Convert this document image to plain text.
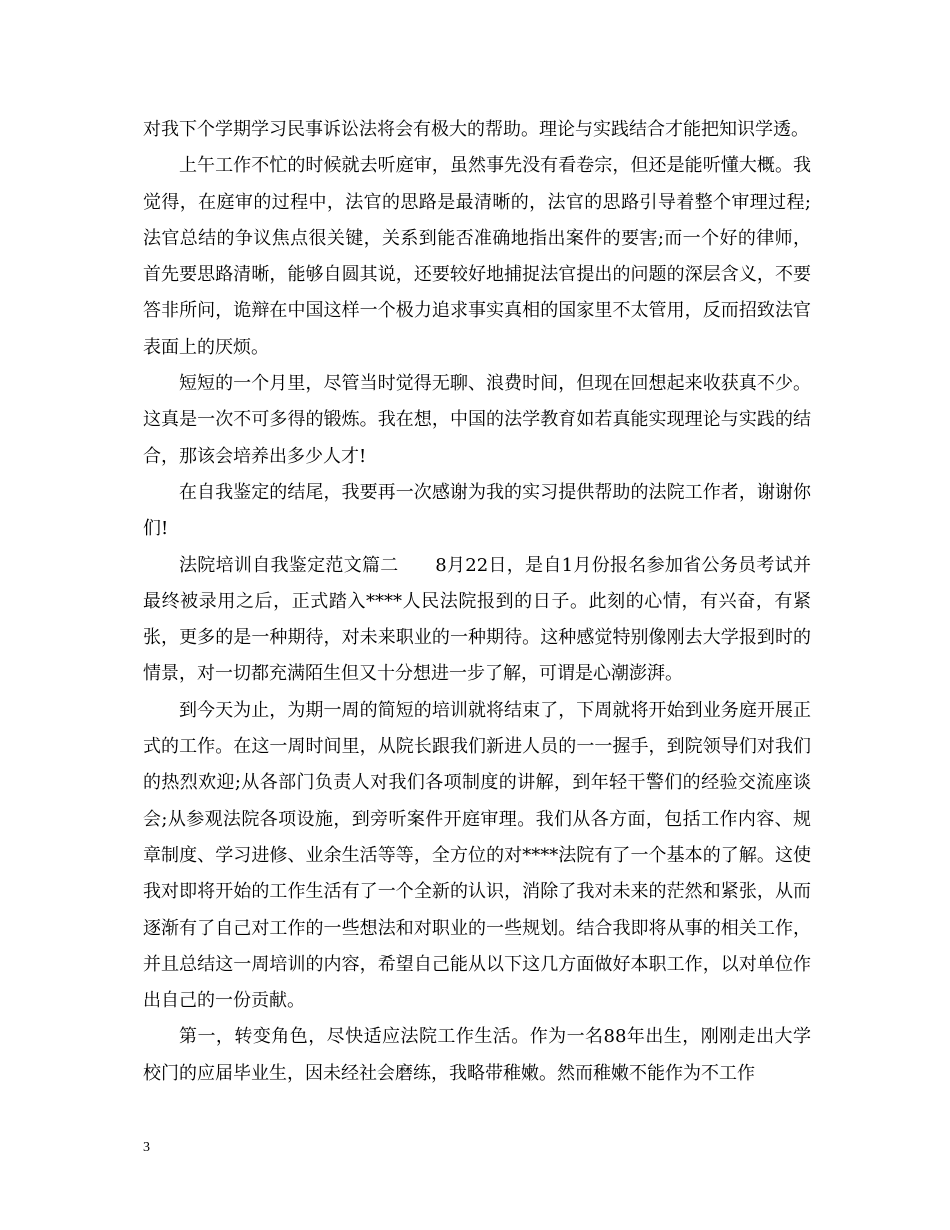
对我下个学期学习民事诉讼法将会有极大的帮助。理论与实践结合才能把知识学透。

上午工作不忙的时候就去听庭审，虽然事先没有看卷宗，但还是能听懂大概。我觉得，在庭审的过程中，法官的思路是最清晰的，法官的思路引导着整个审理过程;法官总结的争议焦点很关键，关系到能否准确地指出案件的要害;而一个好的律师，首先要思路清晰，能够自圆其说，还要较好地捕捉法官提出的问题的深层含义，不要答非所问，诡辩在中国这样一个极力追求事实真相的国家里不太管用，反而招致法官表面上的厌烦。

短短的一个月里，尽管当时觉得无聊、浪费时间，但现在回想起来收获真不少。这真是一次不可多得的锻炼。我在想，中国的法学教育如若真能实现理论与实践的结合，那该会培养出多少人才!

在自我鉴定的结尾，我要再一次感谢为我的实习提供帮助的法院工作者，谢谢你们!

法院培训自我鉴定范文篇二　　8月22日，是自1月份报名参加省公务员考试并最终被录用之后，正式踏入****人民法院报到的日子。此刻的心情，有兴奋，有紧张，更多的是一种期待，对未来职业的一种期待。这种感觉特别像刚去大学报到时的情景，对一切都充满陌生但又十分想进一步了解，可谓是心潮澎湃。

到今天为止，为期一周的简短的培训就将结束了，下周就将开始到业务庭开展正式的工作。在这一周时间里，从院长跟我们新进人员的一一握手，到院领导们对我们的热烈欢迎;从各部门负责人对我们各项制度的讲解，到年轻干警们的经验交流座谈会;从参观法院各项设施，到旁听案件开庭审理。我们从各方面，包括工作内容、规章制度、学习进修、业余生活等等，全方位的对****法院有了一个基本的了解。这使我对即将开始的工作生活有了一个全新的认识，消除了我对未来的茫然和紧张，从而逐渐有了自己对工作的一些想法和对职业的一些规划。结合我即将从事的相关工作，并且总结这一周培训的内容，希望自己能从以下这几方面做好本职工作，以对单位作出自己的一份贡献。

第一，转变角色，尽快适应法院工作生活。作为一名88年出生，刚刚走出大学校门的应届毕业生，因未经社会磨练，我略带稚嫩。然而稚嫩不能作为不工作

3
